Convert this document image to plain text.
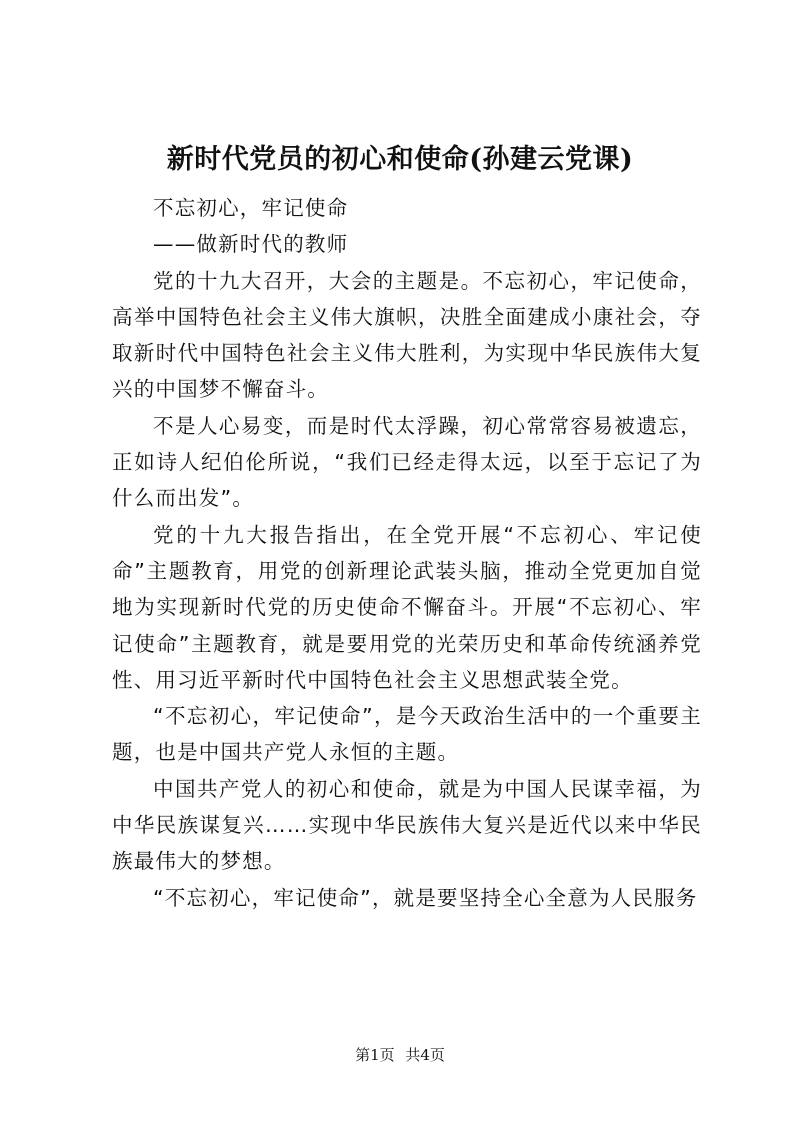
新时代党员的初心和使命(孙建云党课)

不忘初心，牢记使命

——做新时代的教师

党的十九大召开，大会的主题是。不忘初心，牢记使命，高举中国特色社会主义伟大旗帜，决胜全面建成小康社会，夺取新时代中国特色社会主义伟大胜利，为实现中华民族伟大复兴的中国梦不懈奋斗。

不是人心易变，而是时代太浮躁，初心常常容易被遗忘，正如诗人纪伯伦所说，“我们已经走得太远，以至于忘记了为什么而出发”。

党的十九大报告指出，在全党开展“不忘初心、牢记使命”主题教育，用党的创新理论武装头脑，推动全党更加自觉地为实现新时代党的历史使命不懈奋斗。开展“不忘初心、牢记使命”主题教育，就是要用党的光荣历史和革命传统涵养党性、用习近平新时代中国特色社会主义思想武装全党。

“不忘初心，牢记使命”，是今天政治生活中的一个重要主题，也是中国共产党人永恒的主题。

中国共产党人的初心和使命，就是为中国人民谋幸福，为中华民族谋复兴……实现中华民族伟大复兴是近代以来中华民族最伟大的梦想。

“不忘初心，牢记使命”，就是要坚持全心全意为人民服务

第1页 共4页
